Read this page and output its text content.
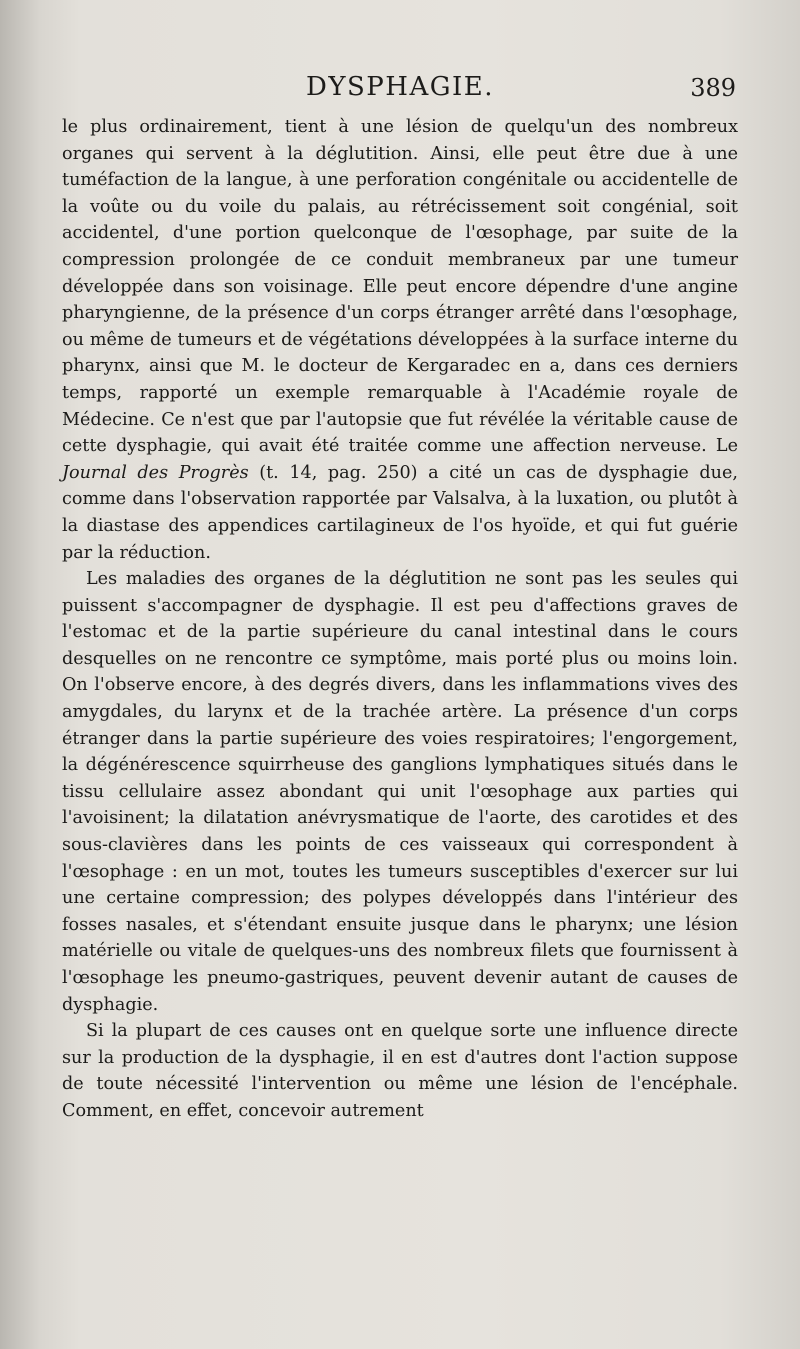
DYSPHAGIE.	389

le plus ordinairement, tient à une lésion de quelqu'un des nombreux organes qui servent à la déglutition. Ainsi, elle peut être due à une tuméfaction de la langue, à une perforation congénitale ou accidentelle de la voûte ou du voile du palais, au rétrécissement soit congénial, soit accidentel, d'une portion quelconque de l'œsophage, par suite de la compression prolongée de ce conduit membraneux par une tumeur développée dans son voisinage. Elle peut encore dépendre d'une angine pharyngienne, de la présence d'un corps étranger arrêté dans l'œsophage, ou même de tumeurs et de végétations développées à la surface interne du pharynx, ainsi que M. le docteur de Kergaradec en a, dans ces derniers temps, rapporté un exemple remarquable à l'Académie royale de Médecine. Ce n'est que par l'autopsie que fut révélée la véritable cause de cette dysphagie, qui avait été traitée comme une affection nerveuse. Le Journal des Progrès (t. 14, pag. 250) a cité un cas de dysphagie due, comme dans l'observation rapportée par Valsalva, à la luxation, ou plutôt à la diastase des appendices cartilagineux de l'os hyoïde, et qui fut guérie par la réduction.

Les maladies des organes de la déglutition ne sont pas les seules qui puissent s'accompagner de dysphagie. Il est peu d'affections graves de l'estomac et de la partie supérieure du canal intestinal dans le cours desquelles on ne rencontre ce symptôme, mais porté plus ou moins loin. On l'observe encore, à des degrés divers, dans les inflammations vives des amygdales, du larynx et de la trachée artère. La présence d'un corps étranger dans la partie supérieure des voies respiratoires; l'engorgement, la dégénérescence squirrheuse des ganglions lymphatiques situés dans le tissu cellulaire assez abondant qui unit l'œsophage aux parties qui l'avoisinent; la dilatation anévrysmatique de l'aorte, des carotides et des sous-clavières dans les points de ces vaisseaux qui correspondent à l'œsophage : en un mot, toutes les tumeurs susceptibles d'exercer sur lui une certaine compression; des polypes développés dans l'intérieur des fosses nasales, et s'étendant ensuite jusque dans le pharynx; une lésion matérielle ou vitale de quelques-uns des nombreux filets que fournissent à l'œsophage les pneumo-gastriques, peuvent devenir autant de causes de dysphagie.

Si la plupart de ces causes ont en quelque sorte une influence directe sur la production de la dysphagie, il en est d'autres dont l'action suppose de toute nécessité l'intervention ou même une lésion de l'encéphale. Comment, en effet, concevoir autrement
